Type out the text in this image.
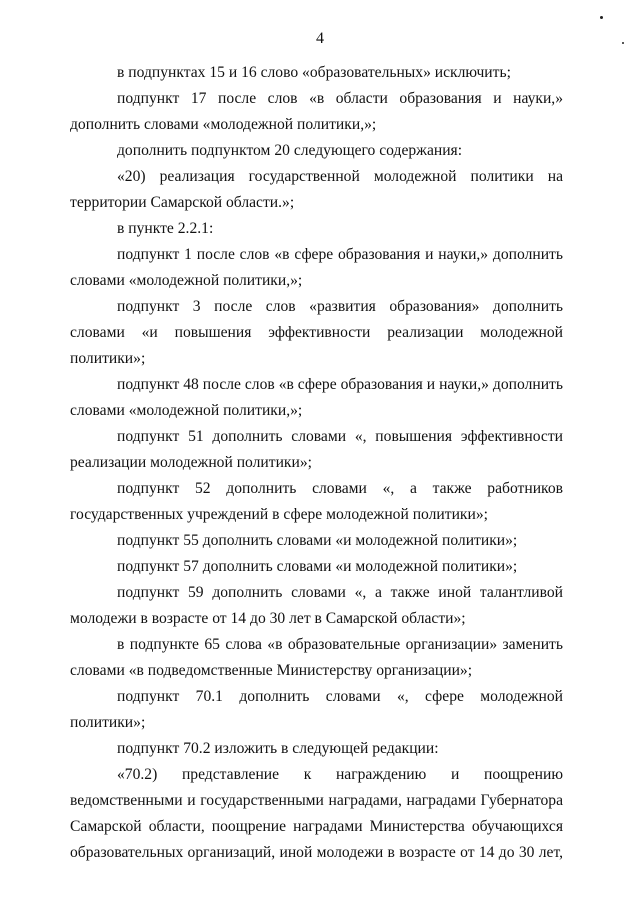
4

в подпунктах 15 и 16 слово «образовательных» исключить;

подпункт 17 после слов «в области образования и науки,» дополнить словами «молодежной политики,»;

дополнить подпунктом 20 следующего содержания:

«20) реализация государственной молодежной политики на территории Самарской области.»;

в пункте 2.2.1:

подпункт 1 после слов «в сфере образования и науки,» дополнить словами «молодежной политики,»;

подпункт 3 после слов «развития образования» дополнить словами «и повышения эффективности реализации молодежной политики»;

подпункт 48 после слов «в сфере образования и науки,» дополнить словами «молодежной политики,»;

подпункт 51 дополнить словами «, повышения эффективности реализации молодежной политики»;

подпункт 52 дополнить словами «, а также работников государственных учреждений в сфере молодежной политики»;

подпункт 55 дополнить словами «и молодежной политики»;

подпункт 57 дополнить словами «и молодежной политики»;

подпункт 59 дополнить словами «, а также иной талантливой молодежи в возрасте от 14 до 30 лет в Самарской области»;

в подпункте 65 слова «в образовательные организации» заменить словами «в подведомственные Министерству организации»;

подпункт 70.1 дополнить словами «, сфере молодежной политики»;

подпункт 70.2 изложить в следующей редакции:

«70.2) представление к награждению и поощрению ведомственными и государственными наградами, наградами Губернатора Самарской области, поощрение наградами Министерства обучающихся образовательных организаций, иной молодежи в возрасте от 14 до 30 лет,
